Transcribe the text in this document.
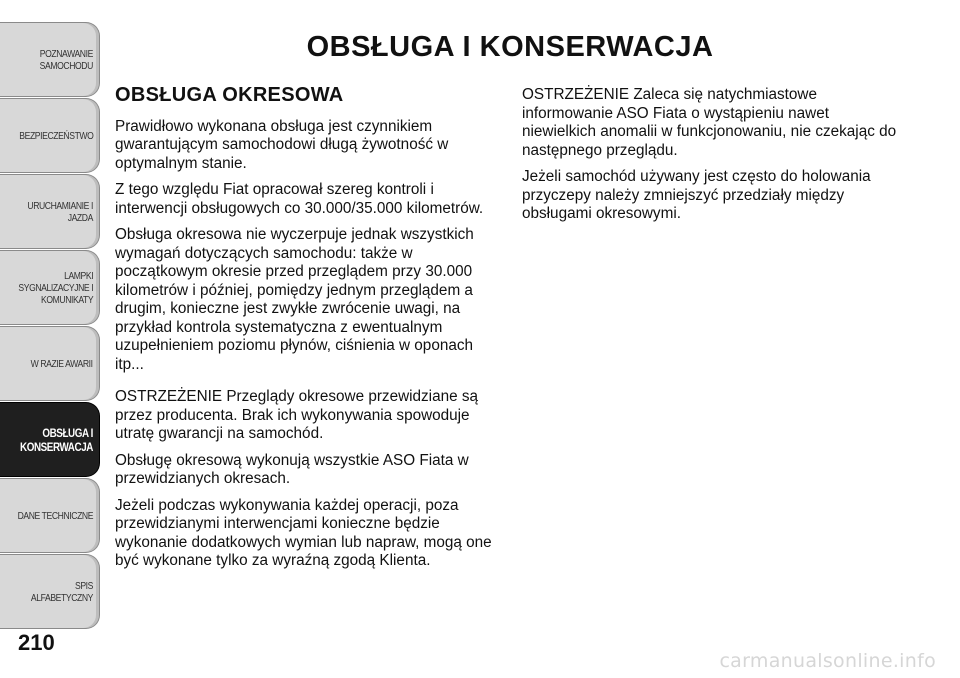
POZNAWANIE
SAMOCHODU
BEZPIECZEŃSTWO
URUCHAMIANIE I
JAZDA
LAMPKI
SYGNALIZACYJNE I
KOMUNIKATY
W RAZIE AWARII
OBSŁUGA I
KONSERWACJA
DANE TECHNICZNE
SPIS ALFABETYCZNY
210
OBSŁUGA I KONSERWACJA
OBSŁUGA OKRESOWA

Prawidłowo wykonana obsługa jest czynnikiem gwarantującym samochodowi długą żywotność w optymalnym stanie.

Z tego względu Fiat opracował szereg kontroli i interwencji obsługowych co 30.000/35.000 kilometrów.

Obsługa okresowa nie wyczerpuje jednak wszystkich wymagań dotyczących samochodu: także w początkowym okresie przed przeglądem przy 30.000 kilometrów i później, pomiędzy jednym przeglądem a drugim, konieczne jest zwykłe zwrócenie uwagi, na przykład kontrola systematyczna z ewentualnym uzupełnieniem poziomu płynów, ciśnienia w oponach itp...

OSTRZEŻENIE Przeglądy okresowe przewidziane są przez producenta. Brak ich wykonywania spowoduje utratę gwarancji na samochód.

Obsługę okresową wykonują wszystkie ASO Fiata w przewidzianych okresach.

Jeżeli podczas wykonywania każdej operacji, poza przewidzianymi interwencjami konieczne będzie wykonanie dodatkowych wymian lub napraw, mogą one być wykonane tylko za wyraźną zgodą Klienta.

OSTRZEŻENIE Zaleca się natychmiastowe informowanie ASO Fiata o wystąpieniu nawet niewielkich anomalii w funkcjonowaniu, nie czekając do następnego przeglądu.

Jeżeli samochód używany jest często do holowania przyczepy należy zmniejszyć przedziały między obsługami okresowymi.

carmanualsonline.info
